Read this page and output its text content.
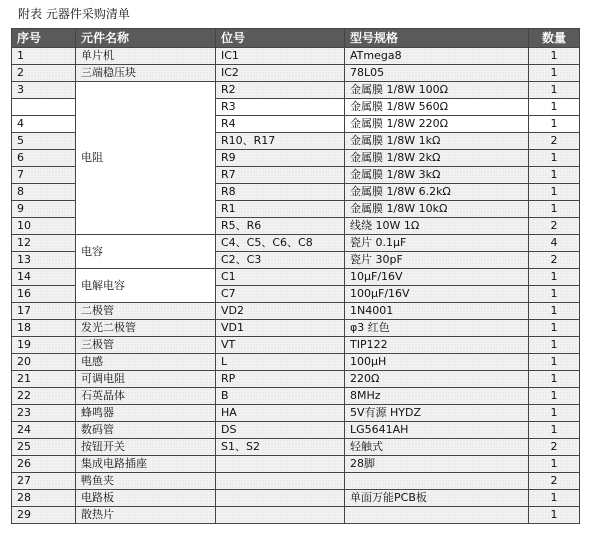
附表 元器件采购清单
序号	元件名称	位号	型号规格	数量
1	单片机	IC1	ATmega8	1
2	三端稳压块	IC2	78L05	1
3	电阻	R2	金属膜 1/8W 100Ω	1
		R3	金属膜 1/8W 560Ω	1
4		R4	金属膜 1/8W 220Ω	1
5		R10、R17	金属膜 1/8W 1kΩ	2
6		R9	金属膜 1/8W 2kΩ	1
7		R7	金属膜 1/8W 3kΩ	1
8		R8	金属膜 1/8W 6.2kΩ	1
9		R1	金属膜 1/8W 10kΩ	1
10		R5、R6	线绕 10W 1Ω	2
12	电容	C4、C5、C6、C8	瓷片 0.1μF	4
13		C2、C3	瓷片 30pF	2
14	电解电容	C1	10μF/16V	1
16		C7	100μF/16V	1
17	二极管	VD2	1N4001	1
18	发光二极管	VD1	φ3 红色	1
19	三极管	VT	TIP122	1
20	电感	L	100μH	1
21	可调电阻	RP	220Ω	1
22	石英晶体	B	8MHz	1
23	蜂鸣器	HA	5V有源 HYDZ	1
24	数码管	DS	LG5641AH	1
25	按钮开关	S1、S2	轻触式	2
26	集成电路插座		28脚	1
27	鸭鱼夹			2
28	电路板		单面万能PCB板	1
29	散热片			1
